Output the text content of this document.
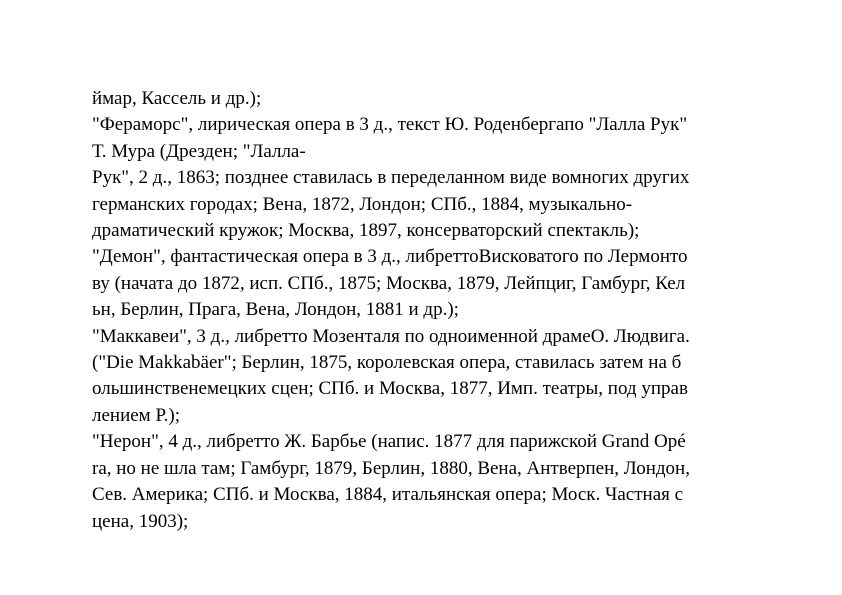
ймар, Кассель и др.);
"Фераморс", лирическая опера в 3 д., текст Ю. Роденбергапо "Лалла Рук"
Т. Мура (Дрезден; "Лалла-
Рук", 2 д., 1863; позднее ставилась в переделанном виде вомногих других
германских городах; Вена, 1872, Лондон; СПб., 1884, музыкально-
драматический кружок; Москва, 1897, консерваторский спектакль);
"Демон", фантастическая опера в 3 д., либреттоВисковатого по Лермонто
ву (начата до 1872, исп. СПб., 1875; Москва, 1879, Лейпциг, Гамбург, Кел
ьн, Берлин, Прага, Вена, Лондон, 1881 и др.);
"Маккавеи", 3 д., либретто Мозенталя по одноименной драмеО. Людвига.
("Die Makkabäer"; Берлин, 1875, королевская опера, ставилась затем на б
ольшинственемецких сцен; СПб. и Москва, 1877, Имп. театры, под управ
лением Р.);
"Нерон", 4 д., либретто Ж. Барбье (напис. 1877 для парижской Grand Opé
ra, но не шла там; Гамбург, 1879, Берлин, 1880, Вена, Антверпен, Лондон,
Сев. Америка; СПб. и Москва, 1884, итальянская опера; Моск. Частная с
цена, 1903);
